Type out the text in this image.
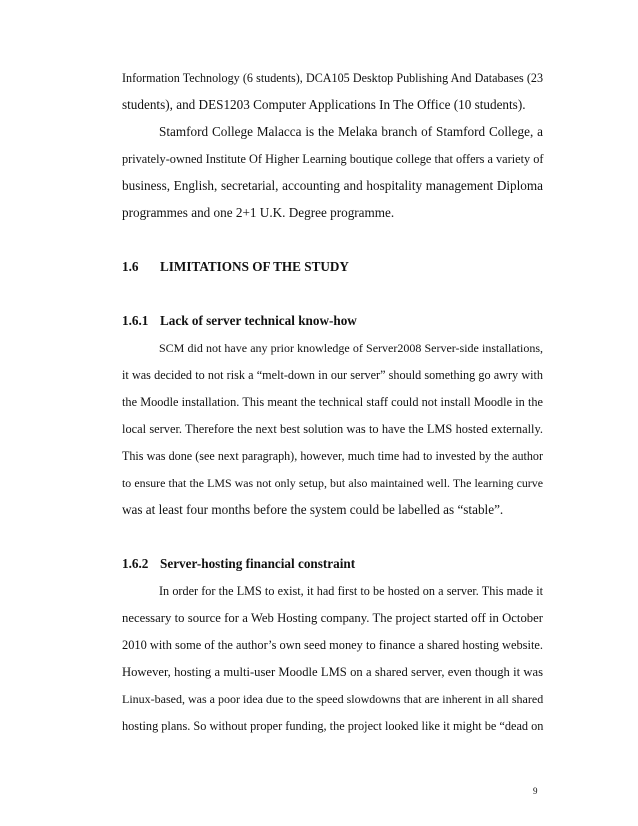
Information Technology (6 students), DCA105 Desktop Publishing And Databases (23
students), and DES1203 Computer Applications In The Office (10 students).
Stamford College Malacca is the Melaka branch of Stamford College, a
privately-owned Institute Of Higher Learning boutique college that offers a variety of
business, English, secretarial, accounting and hospitality management Diploma
programmes and one 2+1 U.K. Degree programme.
1.6 LIMITATIONS OF THE STUDY
1.6.1 Lack of server technical know-how
SCM did not have any prior knowledge of Server2008 Server-side installations,
it was decided to not risk a “melt-down in our server” should something go awry with
the Moodle installation. This meant the technical staff could not install Moodle in the
local server. Therefore the next best solution was to have the LMS hosted externally.
This was done (see next paragraph), however, much time had to invested by the author
to ensure that the LMS was not only setup, but also maintained well. The learning curve
was at least four months before the system could be labelled as “stable”.
1.6.2 Server-hosting financial constraint
In order for the LMS to exist, it had first to be hosted on a server. This made it
necessary to source for a Web Hosting company. The project started off in October
2010 with some of the author’s own seed money to finance a shared hosting website.
However, hosting a multi-user Moodle LMS on a shared server, even though it was
Linux-based, was a poor idea due to the speed slowdowns that are inherent in all shared
hosting plans. So without proper funding, the project looked like it might be “dead on
9
